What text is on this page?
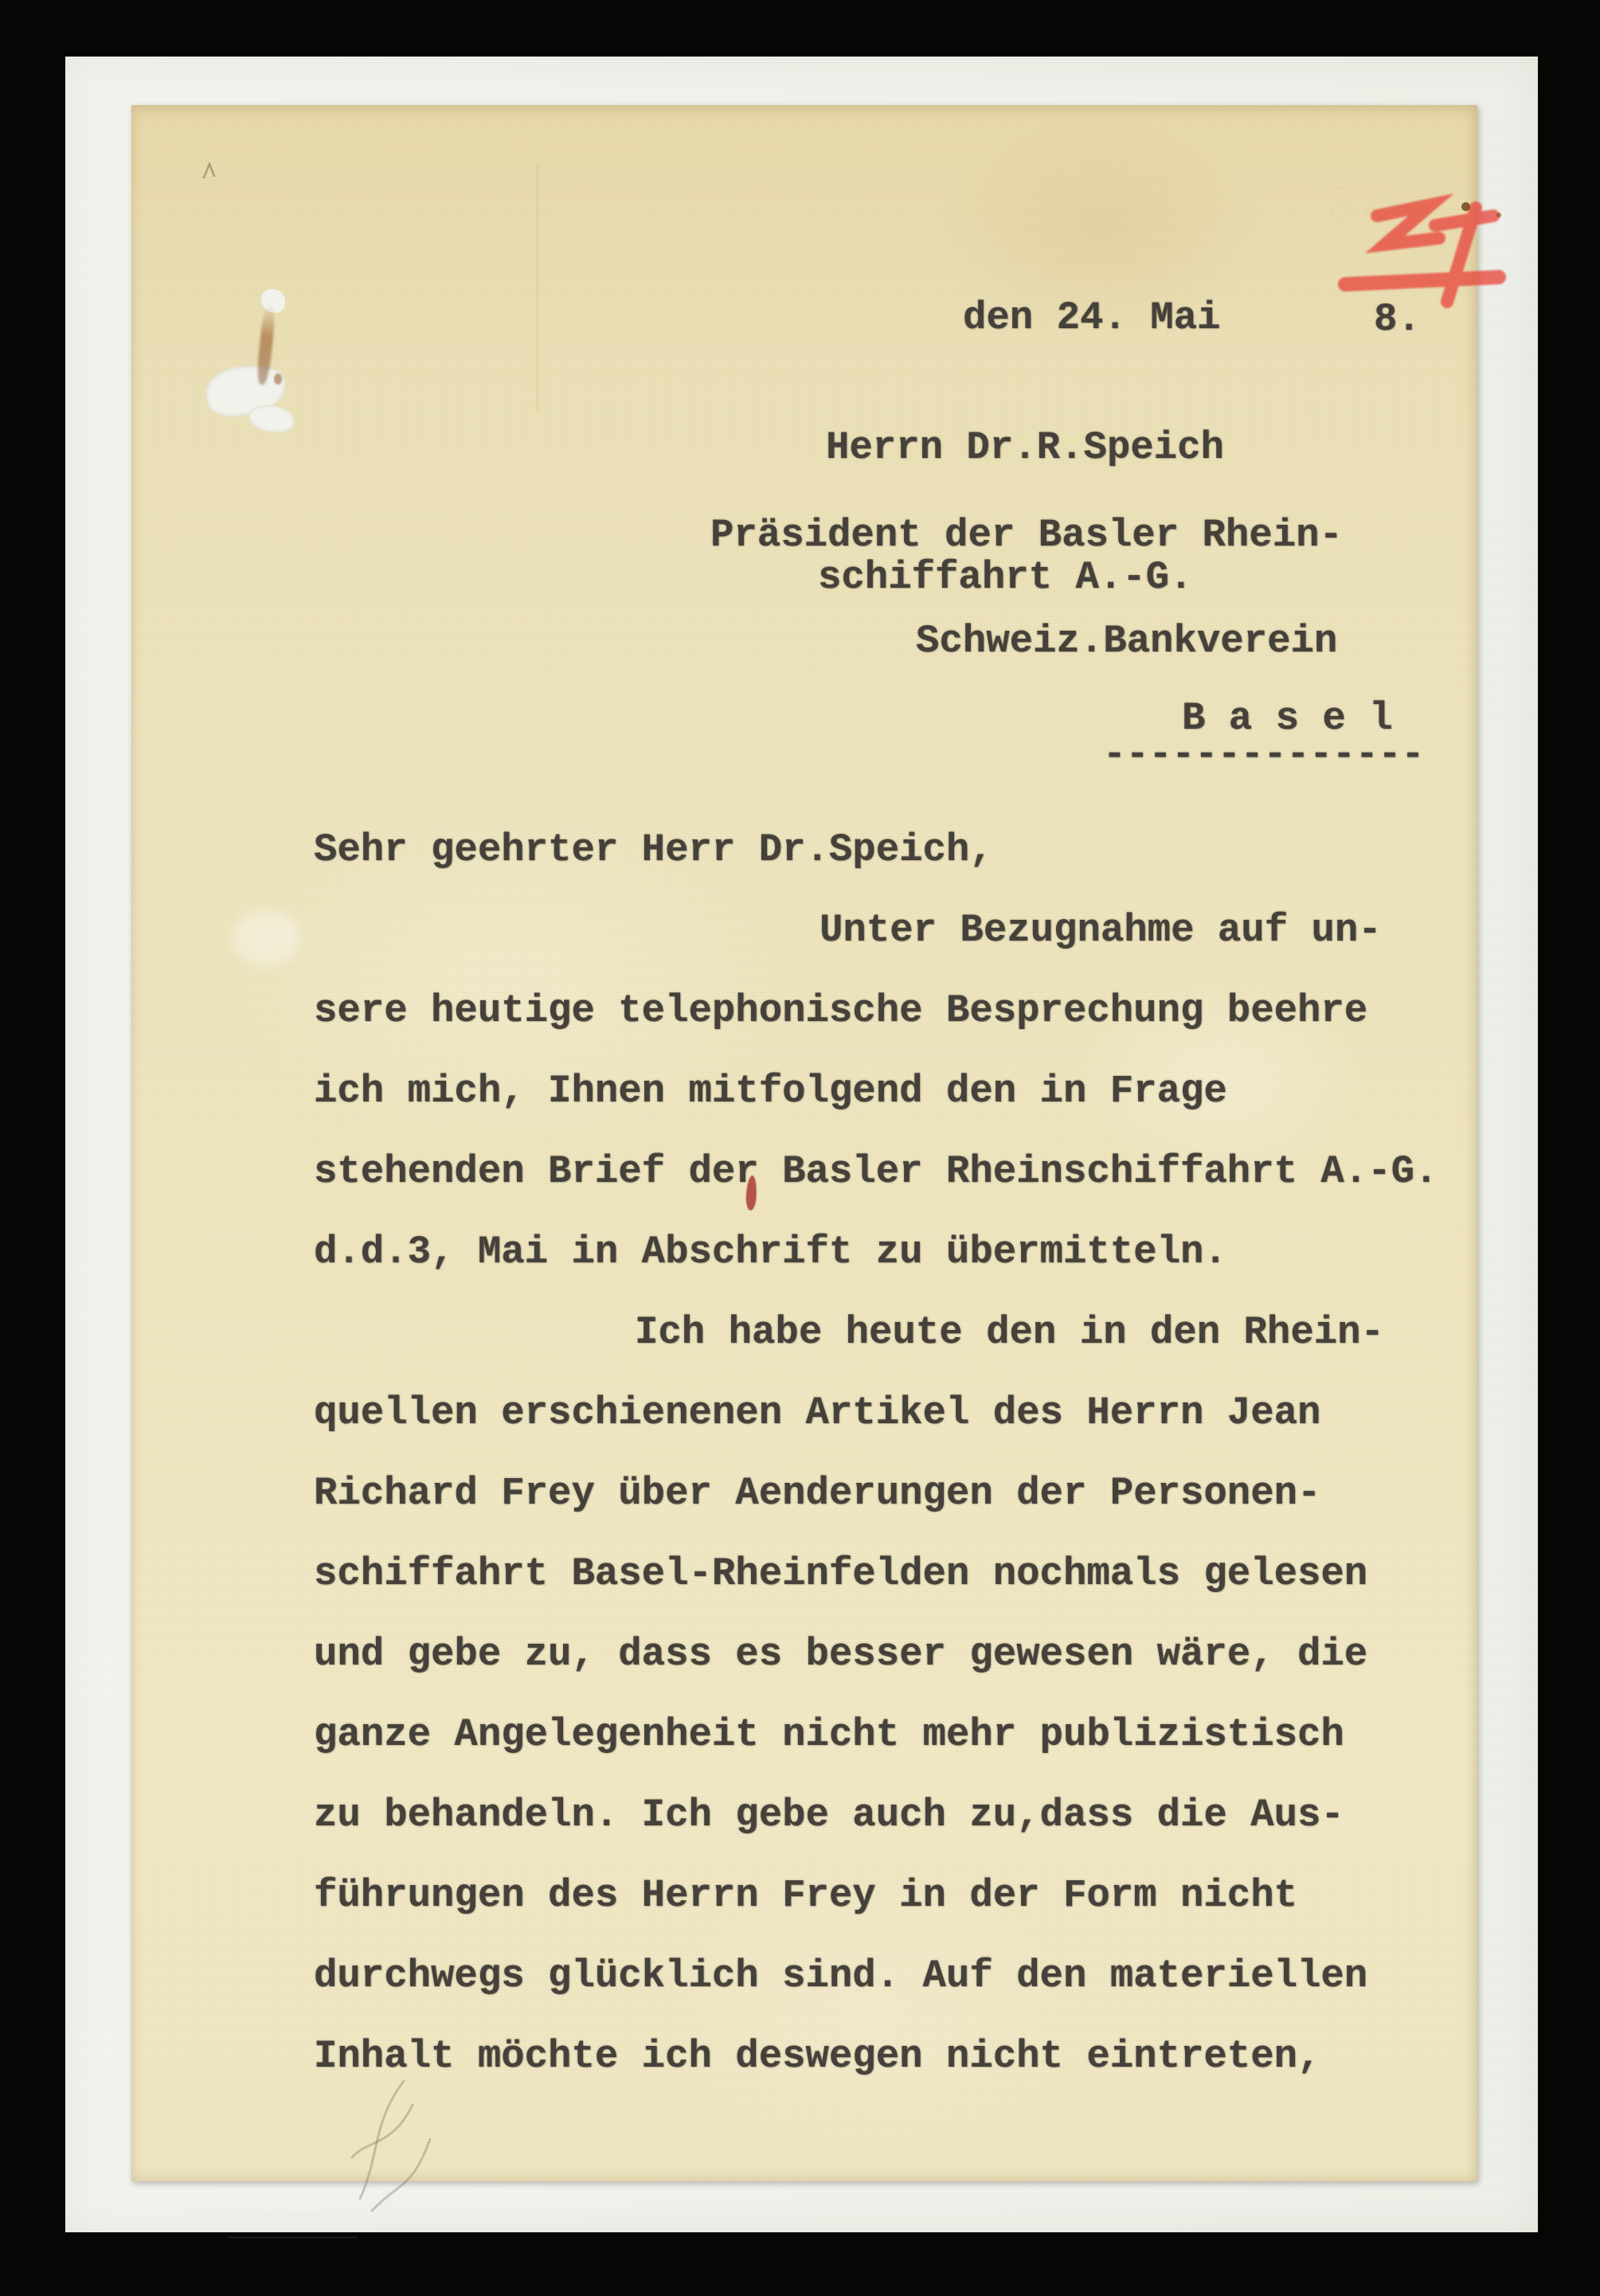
den 24. Mai	8.
Herrn Dr.R.Speich
Präsident der Basler Rhein-
schiffahrt A.-G.
Schweiz.Bankverein
B a s e l
--------------
Sehr geehrter Herr Dr.Speich,
Unter Bezugnahme auf un-
sere heutige telephonische Besprechung beehre
ich mich, Ihnen mitfolgend den in Frage
stehenden Brief der Basler Rheinschiffahrt A.-G.
d.d.3, Mai in Abschrift zu übermitteln.
Ich habe heute den in den Rhein-
quellen erschienenen Artikel des Herrn Jean
Richard Frey über Aenderungen der Personen-
schiffahrt Basel-Rheinfelden nochmals gelesen
und gebe zu, dass es besser gewesen wäre, die
ganze Angelegenheit nicht mehr publizistisch
zu behandeln. Ich gebe auch zu,dass die Aus-
führungen des Herrn Frey in der Form nicht
durchwegs glücklich sind. Auf den materiellen
Inhalt möchte ich deswegen nicht eintreten,
